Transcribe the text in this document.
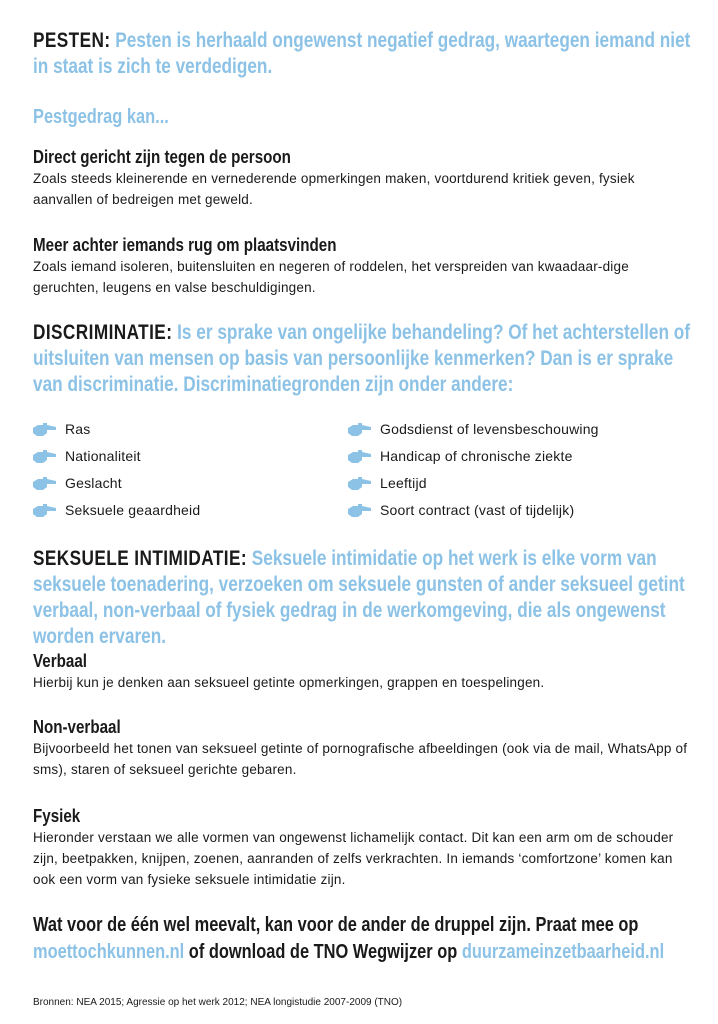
PESTEN: Pesten is herhaald ongewenst negatief gedrag, waartegen iemand niet in staat is zich te verdedigen.
Pestgedrag kan...
Direct gericht zijn tegen de persoon
Zoals steeds kleinerende en vernederende opmerkingen maken, voortdurend kritiek geven, fysiek aanvallen of bedreigen met geweld.
Meer achter iemands rug om plaatsvinden
Zoals iemand isoleren, buitensluiten en negeren of roddelen, het verspreiden van kwaadaar-dige geruchten, leugens en valse beschuldigingen.
DISCRIMINATIE: Is er sprake van ongelijke behandeling? Of het achterstellen of uitsluiten van mensen op basis van persoonlijke kenmerken? Dan is er sprake van discriminatie. Discriminatiegronden zijn onder andere:
Ras
Nationaliteit
Geslacht
Seksuele geaardheid
Godsdienst of levensbeschouwing
Handicap of chronische ziekte
Leeftijd
Soort contract (vast of tijdelijk)
SEKSUELE INTIMIDATIE: Seksuele intimidatie op het werk is elke vorm van seksuele toenadering, verzoeken om seksuele gunsten of ander seksueel getint verbaal, non-verbaal of fysiek gedrag in de werkomgeving, die als ongewenst worden ervaren.
Verbaal
Hierbij kun je denken aan seksueel getinte opmerkingen, grappen en toespelingen.
Non-verbaal
Bijvoorbeeld het tonen van seksueel getinte of pornografische afbeeldingen (ook via de mail, WhatsApp of sms), staren of seksueel gerichte gebaren.
Fysiek
Hieronder verstaan we alle vormen van ongewenst lichamelijk contact. Dit kan een arm om de schouder zijn, beetpakken, knijpen, zoenen, aanranden of zelfs verkrachten. In iemands ‘comfortzone’ komen kan ook een vorm van fysieke seksuele intimidatie zijn.
Wat voor de één wel meevalt, kan voor de ander de druppel zijn. Praat mee op moettochkunnen.nl of download de TNO Wegwijzer op duurzameinzetbaarheid.nl
Bronnen: NEA 2015; Agressie op het werk 2012; NEA longistudie 2007-2009 (TNO)
